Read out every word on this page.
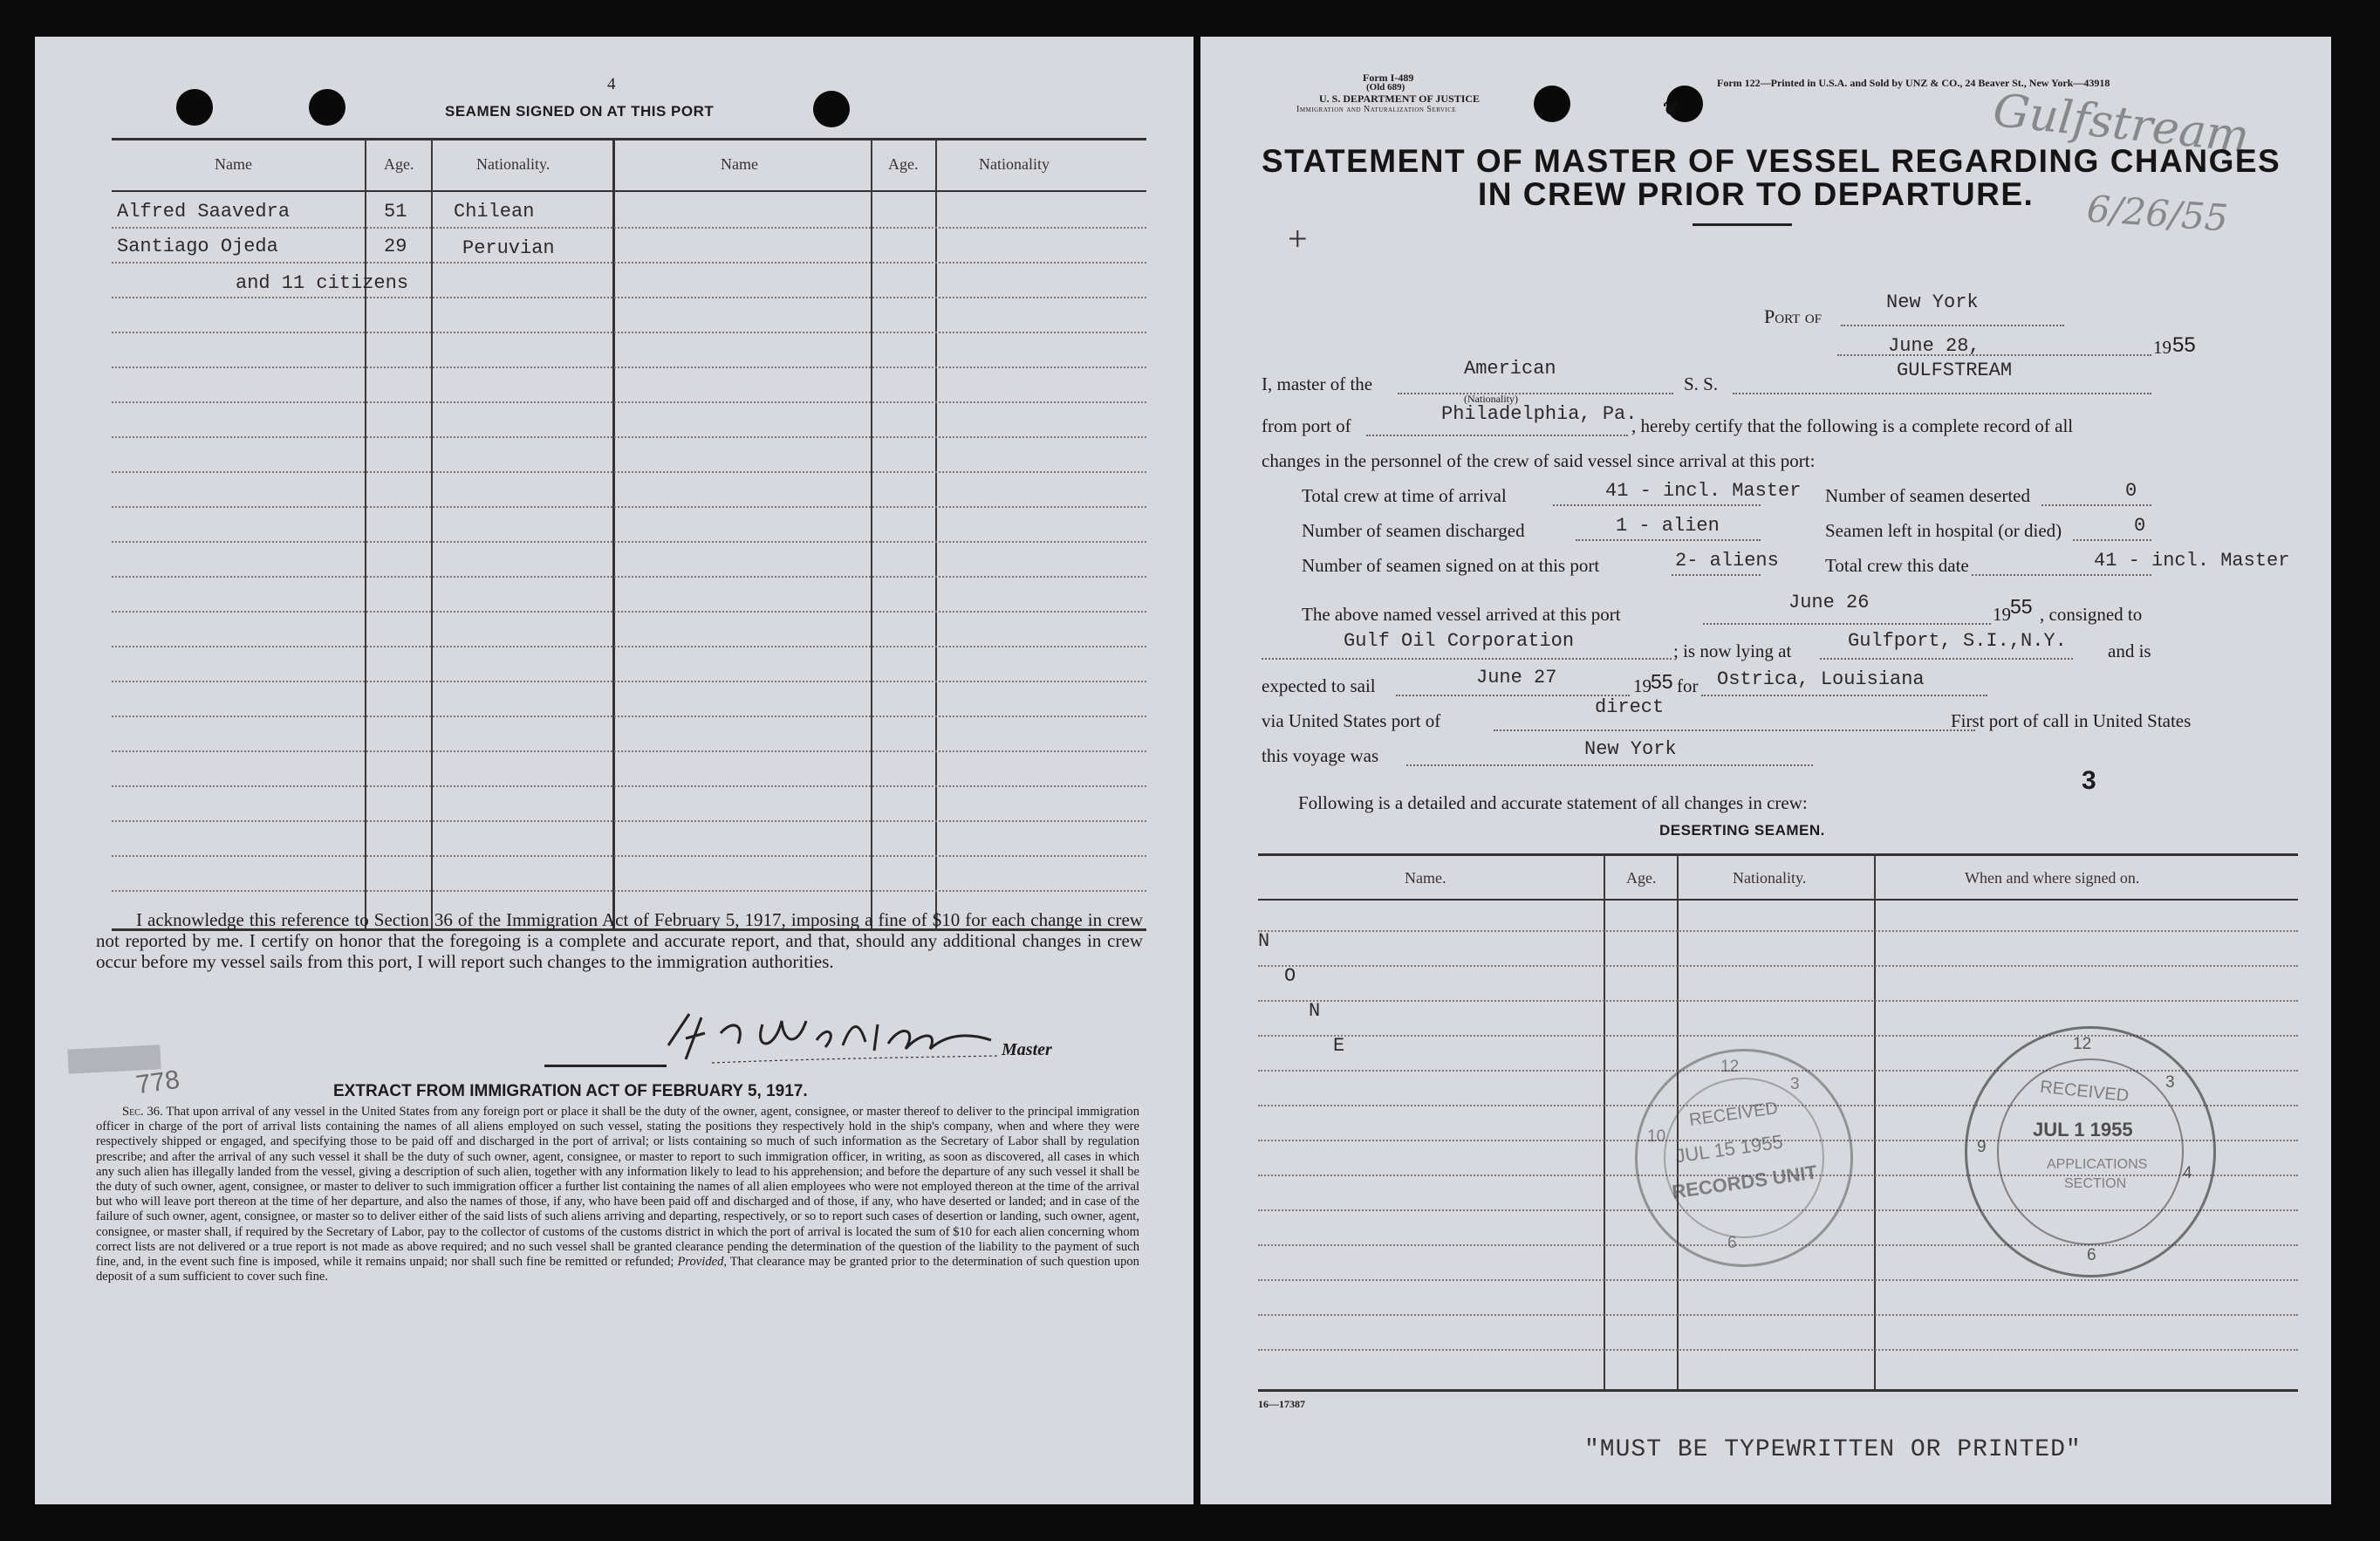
4
SEAMEN SIGNED ON AT THIS PORT
Name	Age.	Nationality.	Name	Age.	Nationality
Alfred Saavedra	51 Chilean
Santiago Ojeda	29	Peruvian
and 11 citizens
I acknowledge this reference to Section 36 of the Immigration Act of February 5, 1917, imposing a fine of $10 for each change in crew not reported by me. I certify on honor that the foregoing is a complete and accurate report, and that, should any additional changes in crew occur before my vessel sails from this port, I will report such changes to the immigration authorities.
Master
778	EXTRACT FROM IMMIGRATION ACT OF FEBRUARY 5, 1917.
Sec. 36. That upon arrival of any vessel in the United States from any foreign port or place it shall be the duty of the owner, agent, consignee, or master thereof to deliver to the principal immigration officer in charge of the port of arrival lists containing the names of all aliens employed on such vessel, stating the positions they respectively hold in the ship's company, when and where they were respectively shipped or engaged, and specifying those to be paid off and discharged in the port of arrival; or lists containing so much of such information as the Secretary of Labor shall by regulation prescribe; and after the arrival of any such vessel it shall be the duty of such owner, agent, consignee, or master to report to such immigration officer, in writing, as soon as discovered, all cases in which any such alien has illegally landed from the vessel, giving a description of such alien, together with any information likely to lead to his apprehension; and before the departure of any such vessel it shall be the duty of such owner, agent, consignee, or master to deliver to such immigration officer a further list containing the names of all alien employees who were not employed thereon at the time of the arrival but who will leave port thereon at the time of her departure, and also the names of those, if any, who have been paid off and discharged and of those, if any, who have deserted or landed; and in case of the failure of such owner, agent, consignee, or master so to deliver either of the said lists of such aliens arriving and departing, respectively, or so to report such cases of desertion or landing, such owner, agent, consignee, or master shall, if required by the Secretary of Labor, pay to the collector of customs of the customs district in which the port of arrival is located the sum of $10 for each alien concerning whom correct lists are not delivered or a true report is not made as above required; and no such vessel shall be granted clearance pending the determination of the question of the liability to the payment of such fine, and, in the event such fine is imposed, while it remains unpaid; nor shall such fine be remitted or refunded; Provided, That clearance may be granted prior to the determination of such question upon deposit of a sum sufficient to cover such fine.
❦
Form I-489
(Old 689)
U. S. DEPARTMENT OF JUSTICE
Immigration and Naturalization Service
Form 122—Printed in U.S.A. and Sold by UNZ & CO., 24 Beaver St., New York—43918
Gulfstream
6/26/55
+
STATEMENT OF MASTER OF VESSEL REGARDING CHANGES
IN CREW PRIOR TO DEPARTURE.
Port of
New York
June 28,	19 55
I, master of the
American
(Nationality)
S. S.
GULFSTREAM
from port of
Philadelphia, Pa.
, hereby certify that the following is a complete record of all
changes in the personnel of the crew of said vessel since arrival at this port:
Total crew at time of arrival	41 - incl. Master Number of seamen deserted	0
Number of seamen discharged	1 - alien	Seamen left in hospital (or died)	0
Number of seamen signed on at this port	2- aliens	Total crew this date	41 - incl. Master
The above named vessel arrived at this port
June 26
19 55 , consigned to
Gulf Oil Corporation	; is now lying at	Gulfport, S.I.,N.Y. and is
expected to sail	June 27	19 55 for Ostrica, Louisiana
via United States port of
direct
First port of call in United States
this voyage was	New York
3
Following is a detailed and accurate statement of all changes in crew:
DESERTING SEAMEN.
Name.	Age.	Nationality.	When and where signed on.
N
O
N
E
RECEIVED
JUL 15 1955
RECORDS UNIT
12
3
10
6
RECEIVED
JUL 1 1955
APPLICATIONS
SECTION
12
3
9
4
6
16—17387
"MUST BE TYPEWRITTEN OR PRINTED"
